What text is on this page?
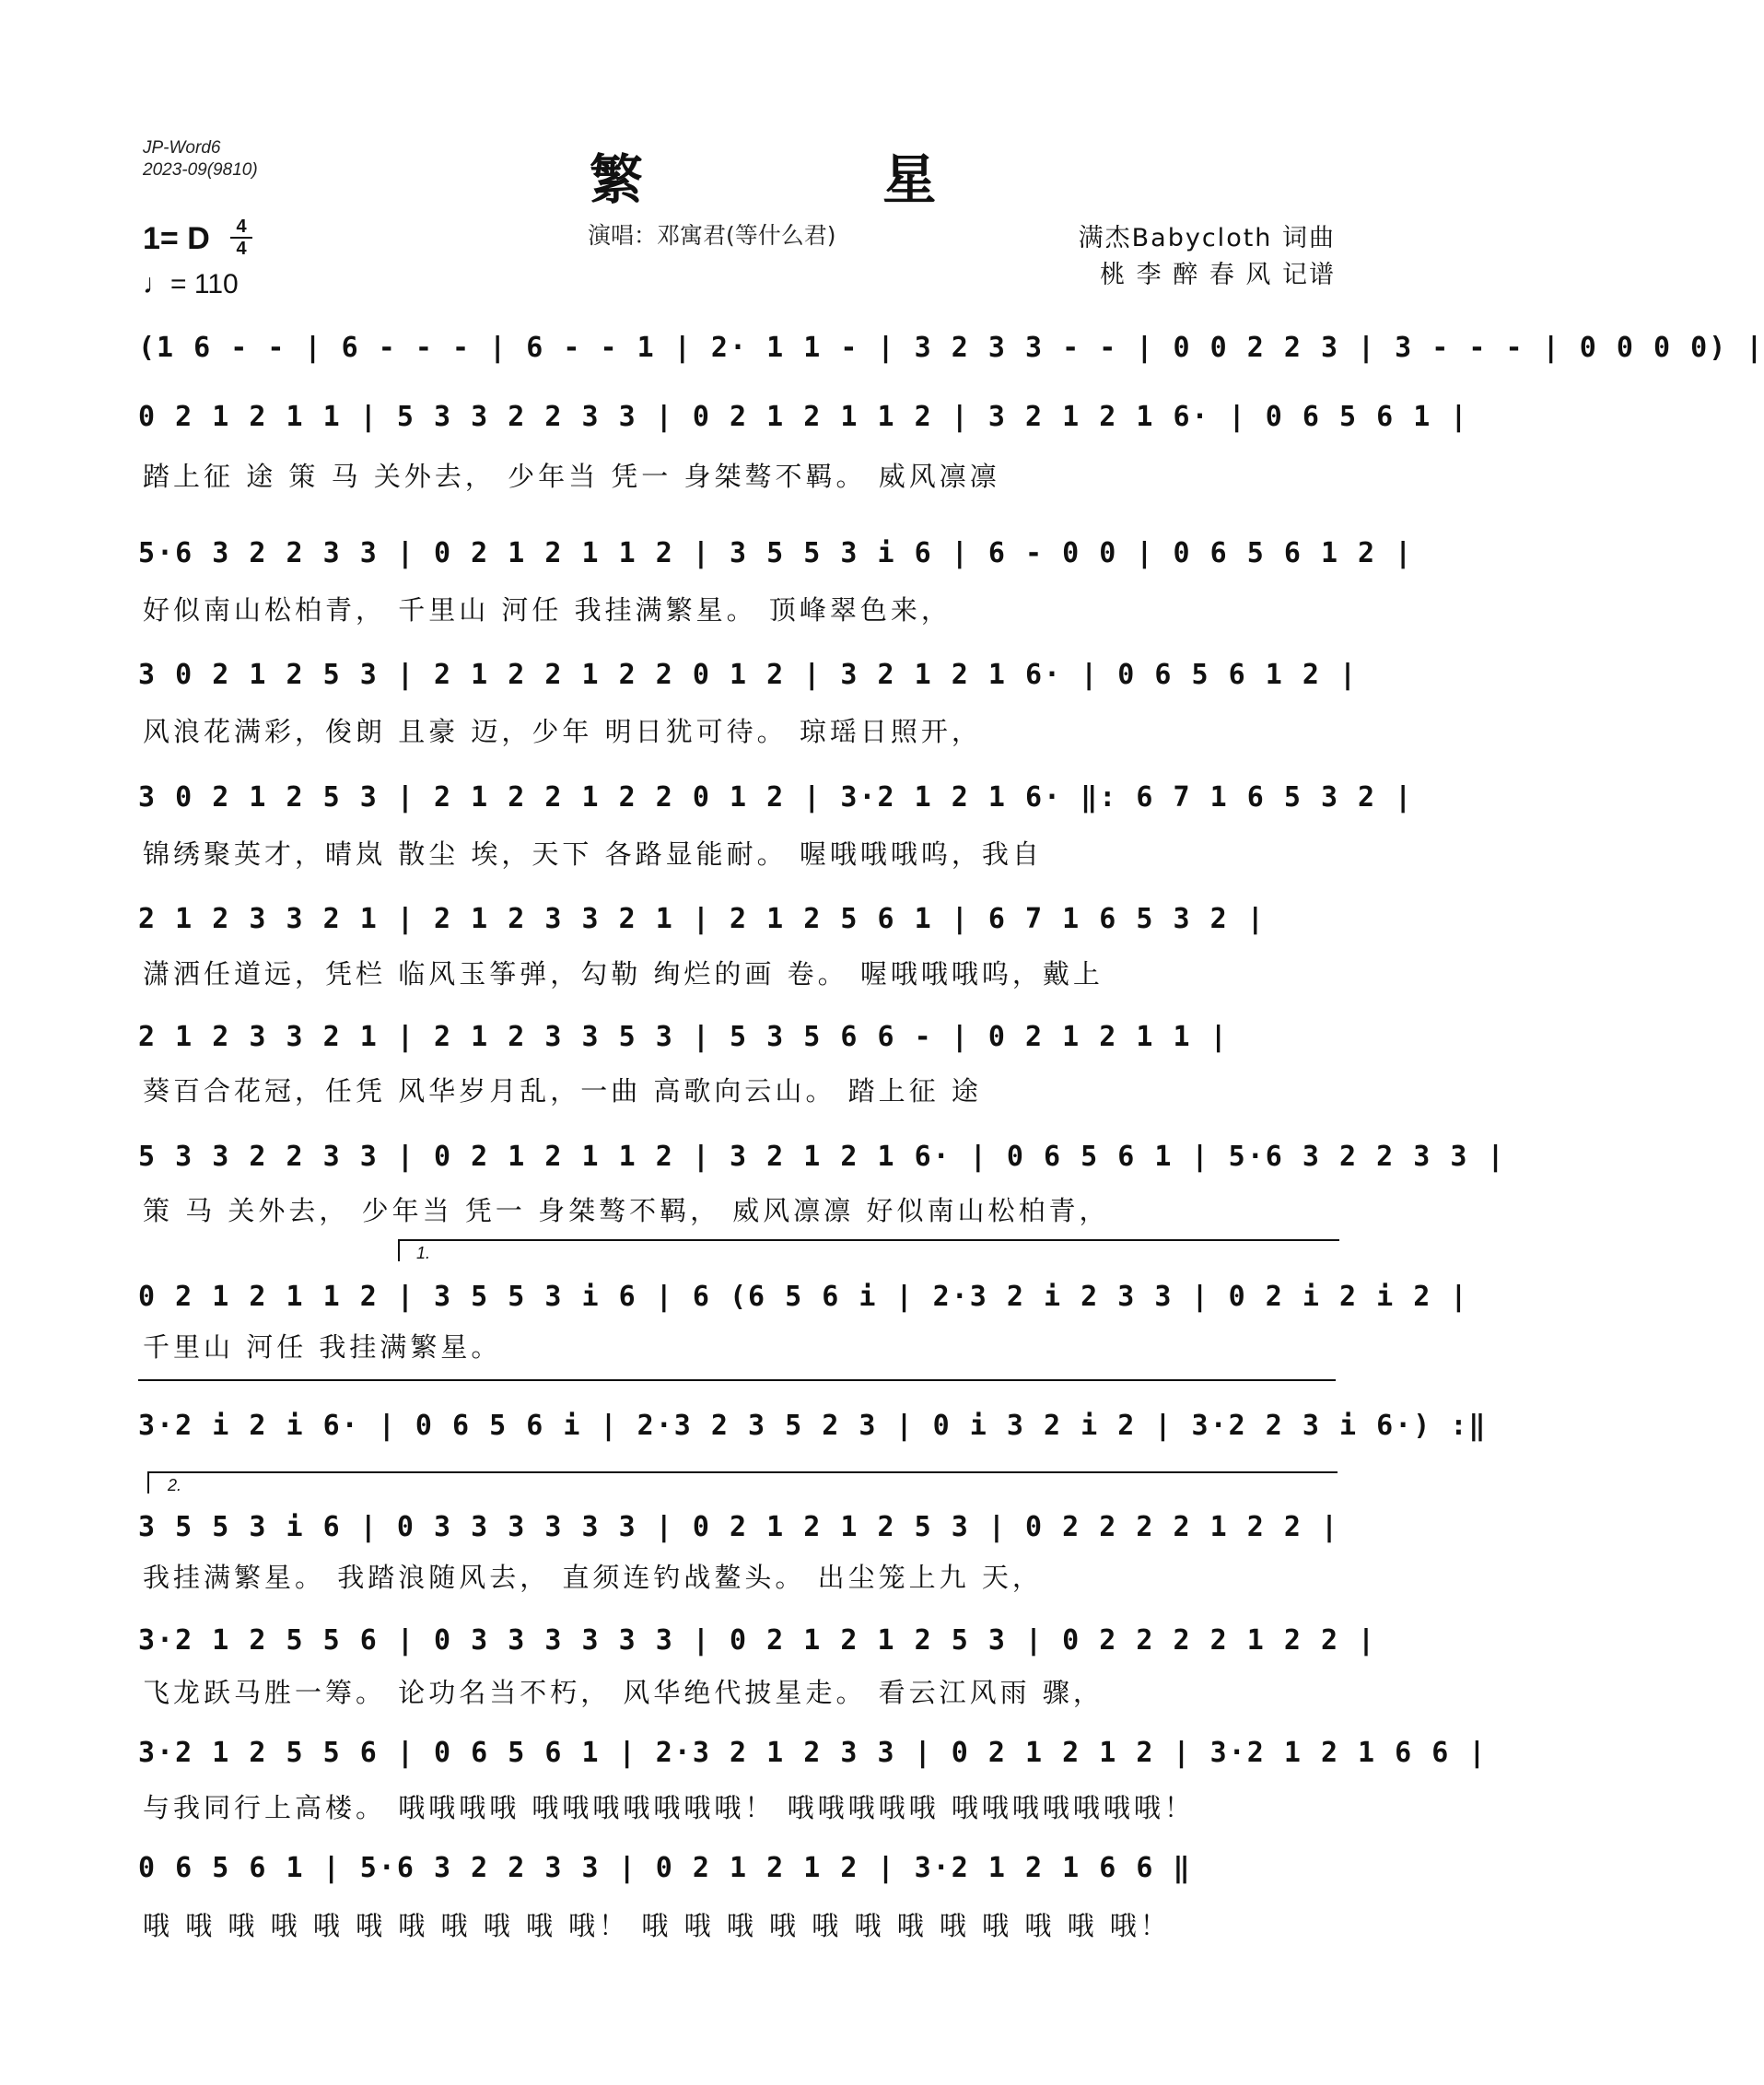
JP-Word6
2023-09(9810)	繁 星
1= D	4
4
♩= 110
演唱：邓寓君(等什么君)	满杰Babycloth 词曲
桃 李 醉 春 风 记谱
(1 6 - - | 6 - - - | 6 - - 1 | 2· 1 1 - | 3 2 3 3 - - | 0 0 2 2 3 | 3 - - - | 0 0 0 0) |
0 2 1 2 1 1 | 5 3 3 2 2 3 3 | 0 2 1 2 1 1 2 | 3 2 1 2 1 6· | 0 6 5 6 1 |
踏上征 途 策 马 关外去， 少年当 凭一 身桀骜不羁。 威风凛凛
5·6 3 2 2 3 3 | 0 2 1 2 1 1 2 | 3 5 5 3 i 6 | 6 - 0 0 | 0 6 5 6 1 2 |
好似南山松柏青， 千里山 河任 我挂满繁星。 顶峰翠色来，
3 0 2 1 2 5 3 | 2 1 2 2 1 2 2 0 1 2 | 3 2 1 2 1 6· | 0 6 5 6 1 2 |
风浪花满彩，俊朗 且豪 迈，少年 明日犹可待。 琼瑶日照开，
3 0 2 1 2 5 3 | 2 1 2 2 1 2 2 0 1 2 | 3·2 1 2 1 6· ‖: 6 7 1 6 5 3 2 |
锦绣聚英才，晴岚 散尘 埃，天下 各路显能耐。 喔哦哦哦呜，我自
2 1 2 3 3 2 1 | 2 1 2 3 3 2 1 | 2 1 2 5 6 1 | 6 7 1 6 5 3 2 |
潇洒任道远，凭栏 临风玉筝弹，勾勒 绚烂的画 卷。 喔哦哦哦呜，戴上
2 1 2 3 3 2 1 | 2 1 2 3 3 5 3 | 5 3 5 6 6 - | 0 2 1 2 1 1 |
葵百合花冠，任凭 风华岁月乱，一曲 高歌向云山。 踏上征 途
5 3 3 2 2 3 3 | 0 2 1 2 1 1 2 | 3 2 1 2 1 6· | 0 6 5 6 1 | 5·6 3 2 2 3 3 |
策 马 关外去， 少年当 凭一 身桀骜不羁， 威风凛凛 好似南山松柏青，
1.
0 2 1 2 1 1 2 | 3 5 5 3 i 6 | 6 (6 5 6 i | 2·3 2 i 2 3 3 | 0 2 i 2 i 2 |
千里山 河任 我挂满繁星。
3·2 i 2 i 6· | 0 6 5 6 i | 2·3 2 3 5 2 3 | 0 i 3 2 i 2 | 3·2 2 3 i 6·) :‖
2.
3 5 5 3 i 6 | 0 3 3 3 3 3 3 | 0 2 1 2 1 2 5 3 | 0 2 2 2 2 1 2 2 |
我挂满繁星。 我踏浪随风去， 直须连钓战鳌头。 出尘笼上九 天，
3·2 1 2 5 5 6 | 0 3 3 3 3 3 3 | 0 2 1 2 1 2 5 3 | 0 2 2 2 2 1 2 2 |
飞龙跃马胜一筹。 论功名当不朽， 风华绝代披星走。 看云江风雨 骤，
3·2 1 2 5 5 6 | 0 6 5 6 1 | 2·3 2 1 2 3 3 | 0 2 1 2 1 2 | 3·2 1 2 1 6 6 |
与我同行上高楼。 哦哦哦哦 哦哦哦哦哦哦哦！ 哦哦哦哦哦 哦哦哦哦哦哦哦！
0 6 5 6 1 | 5·6 3 2 2 3 3 | 0 2 1 2 1 2 | 3·2 1 2 1 6 6 ‖
哦 哦 哦 哦 哦 哦 哦 哦 哦 哦 哦！ 哦 哦 哦 哦 哦 哦 哦 哦 哦 哦 哦 哦！
